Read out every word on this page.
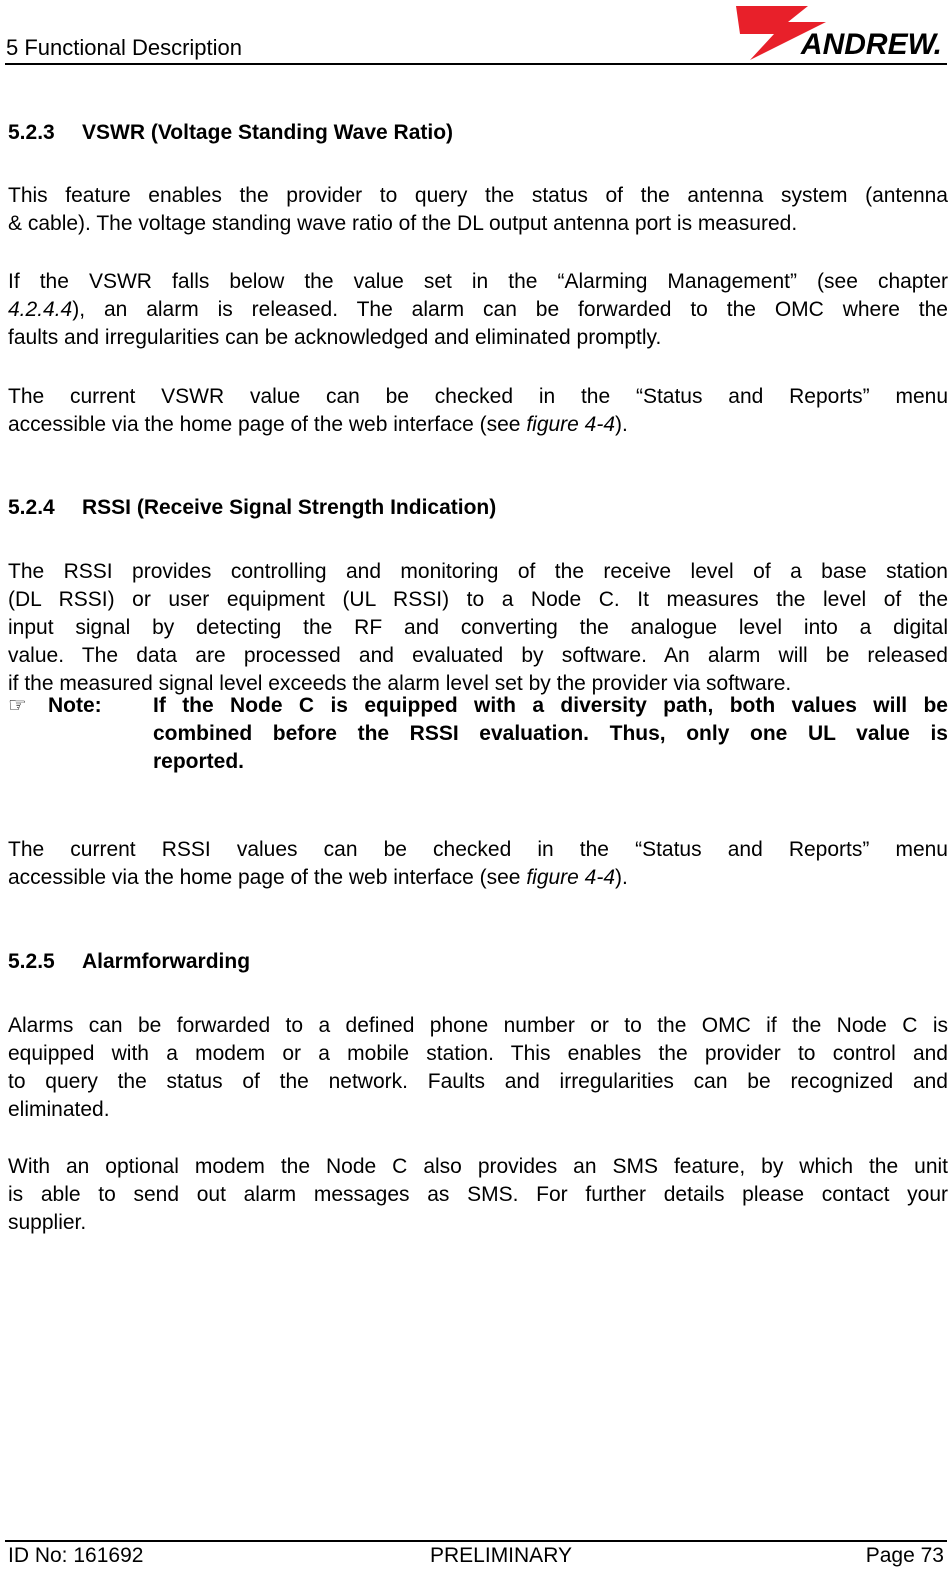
5 Functional Description	ANDREW.
5.2.3 VSWR (Voltage Standing Wave Ratio)
This feature enables the provider to query the status of the antenna system (antenna
& cable). The voltage standing wave ratio of the DL output antenna port is measured.
If the VSWR falls below the value set in the “Alarming Management” (see chapter
4.2.4.4), an alarm is released. The alarm can be forwarded to the OMC where the
faults and irregularities can be acknowledged and eliminated promptly.
The current VSWR value can be checked in the “Status and Reports” menu
accessible via the home page of the web interface (see figure 4-4).
5.2.4 RSSI (Receive Signal Strength Indication)
The RSSI provides controlling and monitoring of the receive level of a base station
(DL RSSI) or user equipment (UL RSSI) to a Node C. It measures the level of the
input signal by detecting the RF and converting the analogue level into a digital
value. The data are processed and evaluated by software. An alarm will be released
if the measured signal level exceeds the alarm level set by the provider via software.
☞ Note: If the Node C is equipped with a diversity path, both values will be
combined before the RSSI evaluation. Thus, only one UL value is
reported.
The current RSSI values can be checked in the “Status and Reports” menu
accessible via the home page of the web interface (see figure 4-4).
5.2.5 Alarmforwarding
Alarms can be forwarded to a defined phone number or to the OMC if the Node C is
equipped with a modem or a mobile station. This enables the provider to control and
to query the status of the network. Faults and irregularities can be recognized and
eliminated.
With an optional modem the Node C also provides an SMS feature, by which the unit
is able to send out alarm messages as SMS. For further details please contact your
supplier.
ID No: 161692	PRELIMINARY	Page 73
